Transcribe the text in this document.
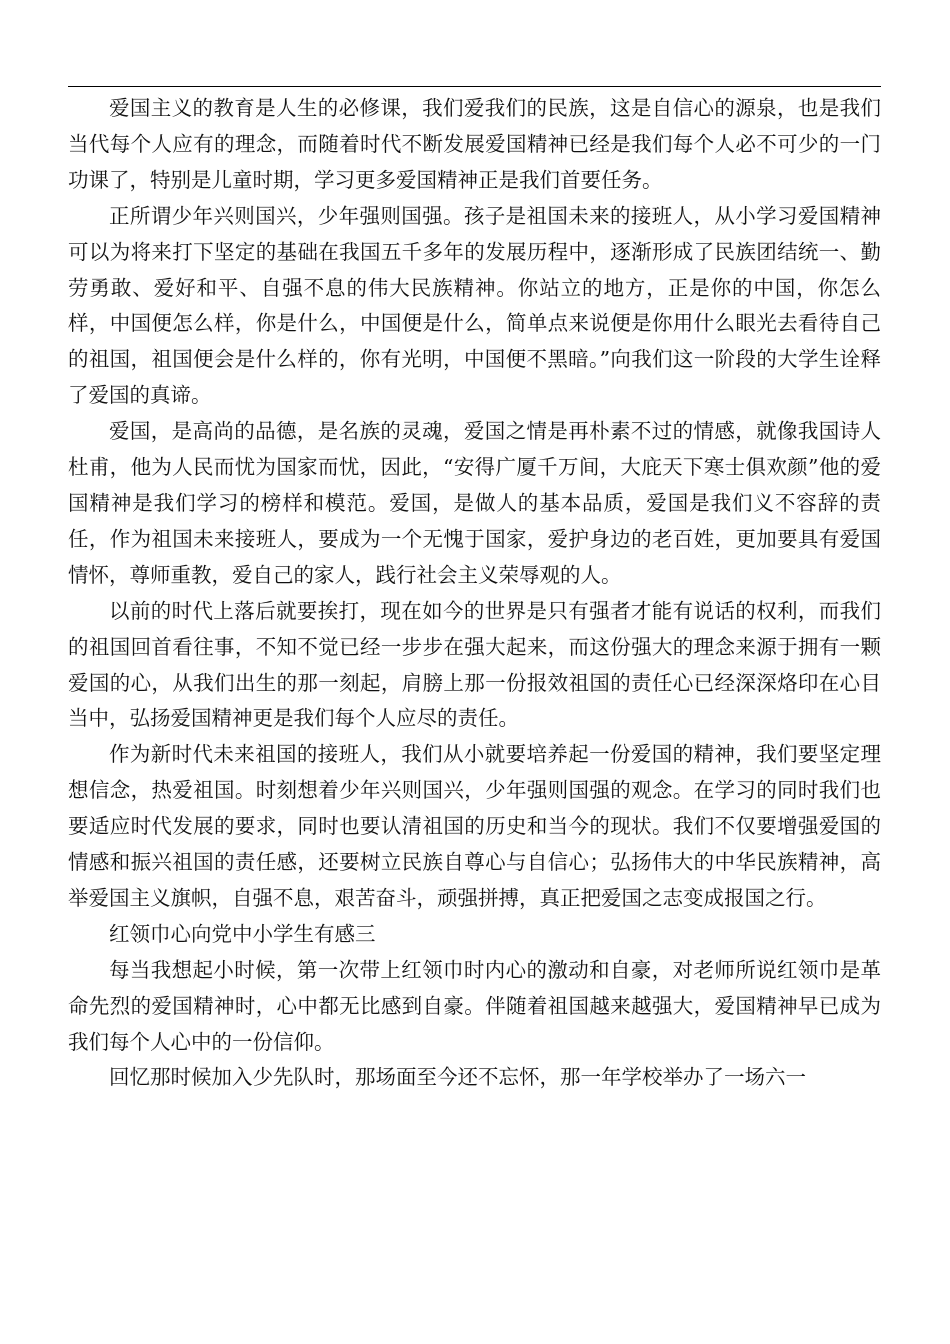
爱国主义的教育是人生的必修课，我们爱我们的民族，这是自信心的源泉，也是我们当代每个人应有的理念，而随着时代不断发展爱国精神已经是我们每个人必不可少的一门功课了，特别是儿童时期，学习更多爱国精神正是我们首要任务。

正所谓少年兴则国兴，少年强则国强。孩子是祖国未来的接班人，从小学习爱国精神可以为将来打下坚定的基础在我国五千多年的发展历程中，逐渐形成了民族团结统一、勤劳勇敢、爱好和平、自强不息的伟大民族精神。你站立的地方，正是你的中国，你怎么样，中国便怎么样，你是什么，中国便是什么，简单点来说便是你用什么眼光去看待自己的祖国，祖国便会是什么样的，你有光明，中国便不黑暗。”向我们这一阶段的大学生诠释了爱国的真谛。

爱国，是高尚的品德，是名族的灵魂，爱国之情是再朴素不过的情感，就像我国诗人杜甫，他为人民而忧为国家而忧，因此，“安得广厦千万间，大庇天下寒士俱欢颜”他的爱国精神是我们学习的榜样和模范。爱国，是做人的基本品质，爱国是我们义不容辞的责任，作为祖国未来接班人，要成为一个无愧于国家，爱护身边的老百姓，更加要具有爱国情怀，尊师重教，爱自己的家人，践行社会主义荣辱观的人。

以前的时代上落后就要挨打，现在如今的世界是只有强者才能有说话的权利，而我们的祖国回首看往事，不知不觉已经一步步在强大起来，而这份强大的理念来源于拥有一颗爱国的心，从我们出生的那一刻起，肩膀上那一份报效祖国的责任心已经深深烙印在心目当中，弘扬爱国精神更是我们每个人应尽的责任。

作为新时代未来祖国的接班人，我们从小就要培养起一份爱国的精神，我们要坚定理想信念，热爱祖国。时刻想着少年兴则国兴，少年强则国强的观念。在学习的同时我们也要适应时代发展的要求，同时也要认清祖国的历史和当今的现状。我们不仅要增强爱国的情感和振兴祖国的责任感，还要树立民族自尊心与自信心；弘扬伟大的中华民族精神，高举爱国主义旗帜，自强不息，艰苦奋斗，顽强拼搏，真正把爱国之志变成报国之行。

红领巾心向党中小学生有感三

每当我想起小时候，第一次带上红领巾时内心的激动和自豪，对老师所说红领巾是革命先烈的爱国精神时，心中都无比感到自豪。伴随着祖国越来越强大，爱国精神早已成为我们每个人心中的一份信仰。

回忆那时候加入少先队时，那场面至今还不忘怀，那一年学校举办了一场六一
